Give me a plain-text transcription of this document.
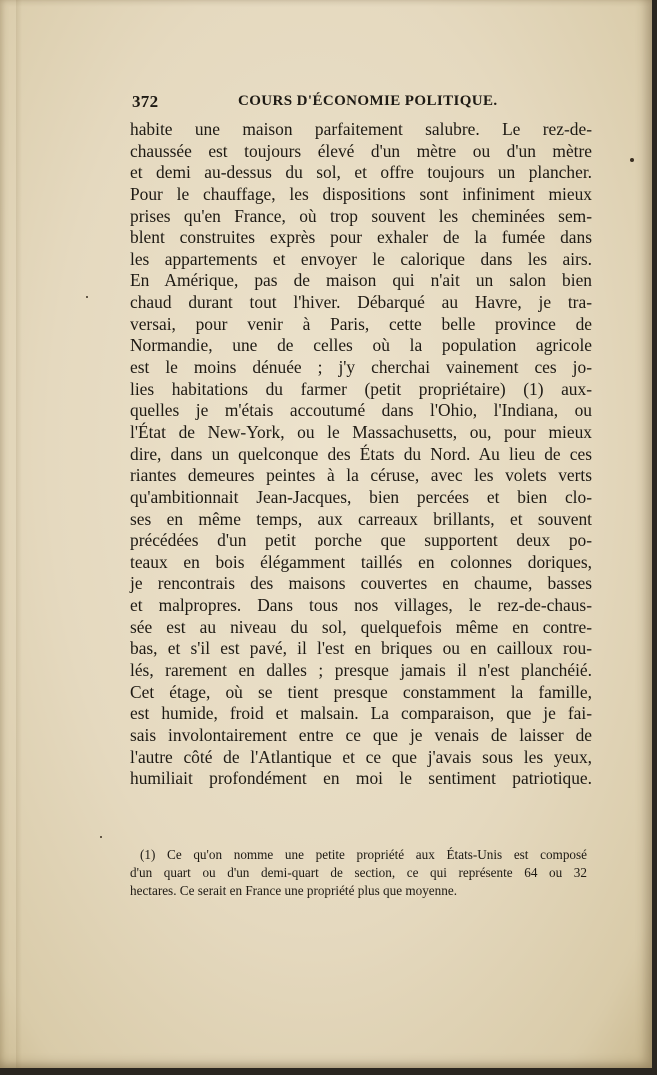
372	COURS D'ÉCONOMIE POLITIQUE.
habite une maison parfaitement salubre. Le rez-de-
chaussée est toujours élevé d'un mètre ou d'un mètre
et demi au-dessus du sol, et offre toujours un plancher.
Pour le chauffage, les dispositions sont infiniment mieux
prises qu'en France, où trop souvent les cheminées sem-
blent construites exprès pour exhaler de la fumée dans
les appartements et envoyer le calorique dans les airs.
En Amérique, pas de maison qui n'ait un salon bien
chaud durant tout l'hiver. Débarqué au Havre, je tra-
versai, pour venir à Paris, cette belle province de
Normandie, une de celles où la population agricole
est le moins dénuée ; j'y cherchai vainement ces jo-
lies habitations du farmer (petit propriétaire) (1) aux-
quelles je m'étais accoutumé dans l'Ohio, l'Indiana, ou
l'État de New-York, ou le Massachusetts, ou, pour mieux
dire, dans un quelconque des États du Nord. Au lieu de ces
riantes demeures peintes à la céruse, avec les volets verts
qu'ambitionnait Jean-Jacques, bien percées et bien clo-
ses en même temps, aux carreaux brillants, et souvent
précédées d'un petit porche que supportent deux po-
teaux en bois élégamment taillés en colonnes doriques,
je rencontrais des maisons couvertes en chaume, basses
et malpropres. Dans tous nos villages, le rez-de-chaus-
sée est au niveau du sol, quelquefois même en contre-
bas, et s'il est pavé, il l'est en briques ou en cailloux rou-
lés, rarement en dalles ; presque jamais il n'est planchéié.
Cet étage, où se tient presque constamment la famille,
est humide, froid et malsain. La comparaison, que je fai-
sais involontairement entre ce que je venais de laisser de
l'autre côté de l'Atlantique et ce que j'avais sous les yeux,
humiliait profondément en moi le sentiment patriotique.
(1) Ce qu'on nomme une petite propriété aux États-Unis est composé
d'un quart ou d'un demi-quart de section, ce qui représente 64 ou 32
hectares. Ce serait en France une propriété plus que moyenne.
